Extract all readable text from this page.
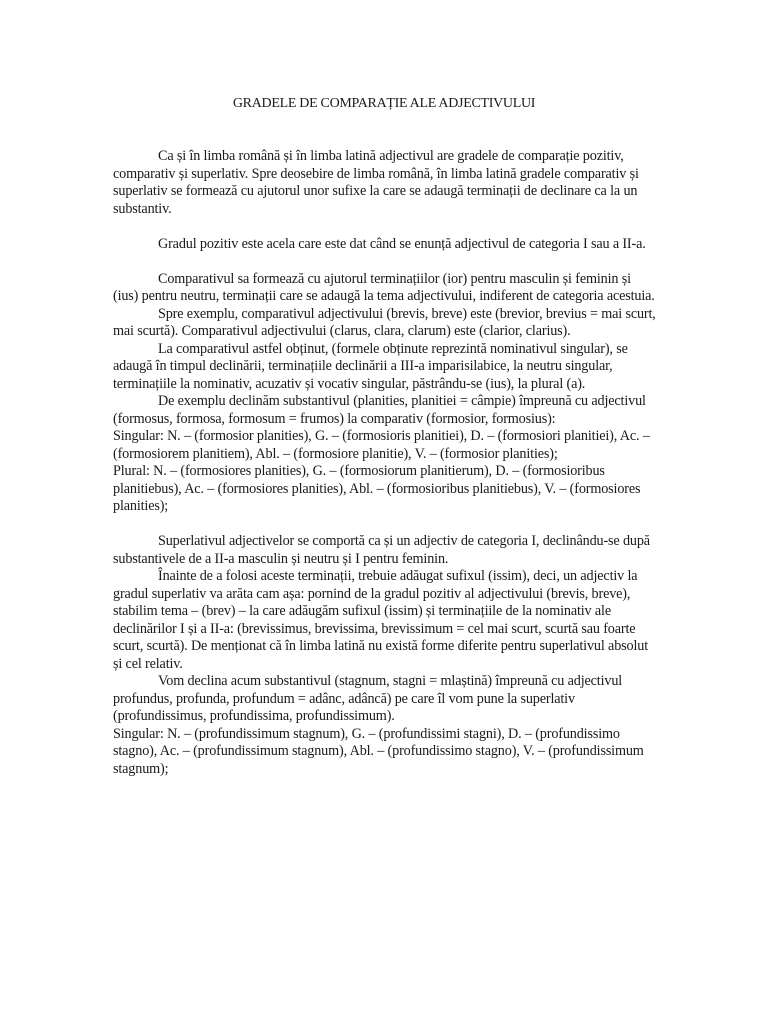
GRADELE DE COMPARAȚIE ALE ADJECTIVULUI

Ca și în limba română și în limba latină adjectivul are gradele de comparație pozitiv, comparativ și superlativ. Spre deosebire de limba română, în limba latină gradele comparativ și superlativ se formează cu ajutorul unor sufixe la care se adaugă terminații de declinare ca la un substantiv.

Gradul pozitiv este acela care este dat când se enunță adjectivul de categoria I sau a II-a.

Comparativul sa formează cu ajutorul terminațiilor (ior) pentru masculin și feminin și (ius) pentru neutru, terminații care se adaugă la tema adjectivului, indiferent de categoria acestuia.

Spre exemplu, comparativul adjectivului (brevis, breve) este (brevior, brevius = mai scurt, mai scurtă). Comparativul adjectivului (clarus, clara, clarum) este (clarior, clarius).

La comparativul astfel obținut, (formele obținute reprezintă nominativul singular), se adaugă în timpul declinării, terminațiile declinării a III-a imparisilabice, la neutru singular, terminațiile la nominativ, acuzativ și vocativ singular, păstrându-se (ius), la plural (a).

De exemplu declinăm substantivul (planities, planitiei = câmpie) împreună cu adjectivul (formosus, formosa, formosum = frumos) la comparativ (formosior, formosius):

Singular: N. – (formosior planities), G. – (formosioris planitiei), D. – (formosiori planitiei), Ac. – (formosiorem planitiem), Abl. – (formosiore planitie), V. – (formosior planities);

Plural: N. – (formosiores planities), G. – (formosiorum planitierum), D. – (formosioribus planitiebus), Ac. – (formosiores planities), Abl. – (formosioribus planitiebus), V. – (formosiores planities);

Superlativul adjectivelor se comportă ca și un adjectiv de categoria I, declinându-se după substantivele de a II-a masculin și neutru și I pentru feminin.

Înainte de a folosi aceste terminații, trebuie adăugat sufixul (issim), deci, un adjectiv la gradul superlativ va arăta cam așa: pornind de la gradul pozitiv al adjectivului (brevis, breve), stabilim tema – (brev) – la care adăugăm sufixul (issim) și terminațiile de la nominativ ale declinărilor I și a II-a: (brevissimus, brevissima, brevissimum = cel mai scurt, scurtă sau foarte scurt, scurtă). De menționat că în limba latină nu există forme diferite pentru superlativul absolut și cel relativ.

Vom declina acum substantivul (stagnum, stagni = mlaștină) împreună cu adjectivul profundus, profunda, profundum = adânc, adâncă) pe care îl vom pune la superlativ (profundissimus, profundissima, profundissimum).

Singular: N. – (profundissimum stagnum), G. – (profundissimi stagni), D. – (profundissimo stagno), Ac. – (profundissimum stagnum), Abl. – (profundissimo stagno), V. – (profundissimum stagnum);
